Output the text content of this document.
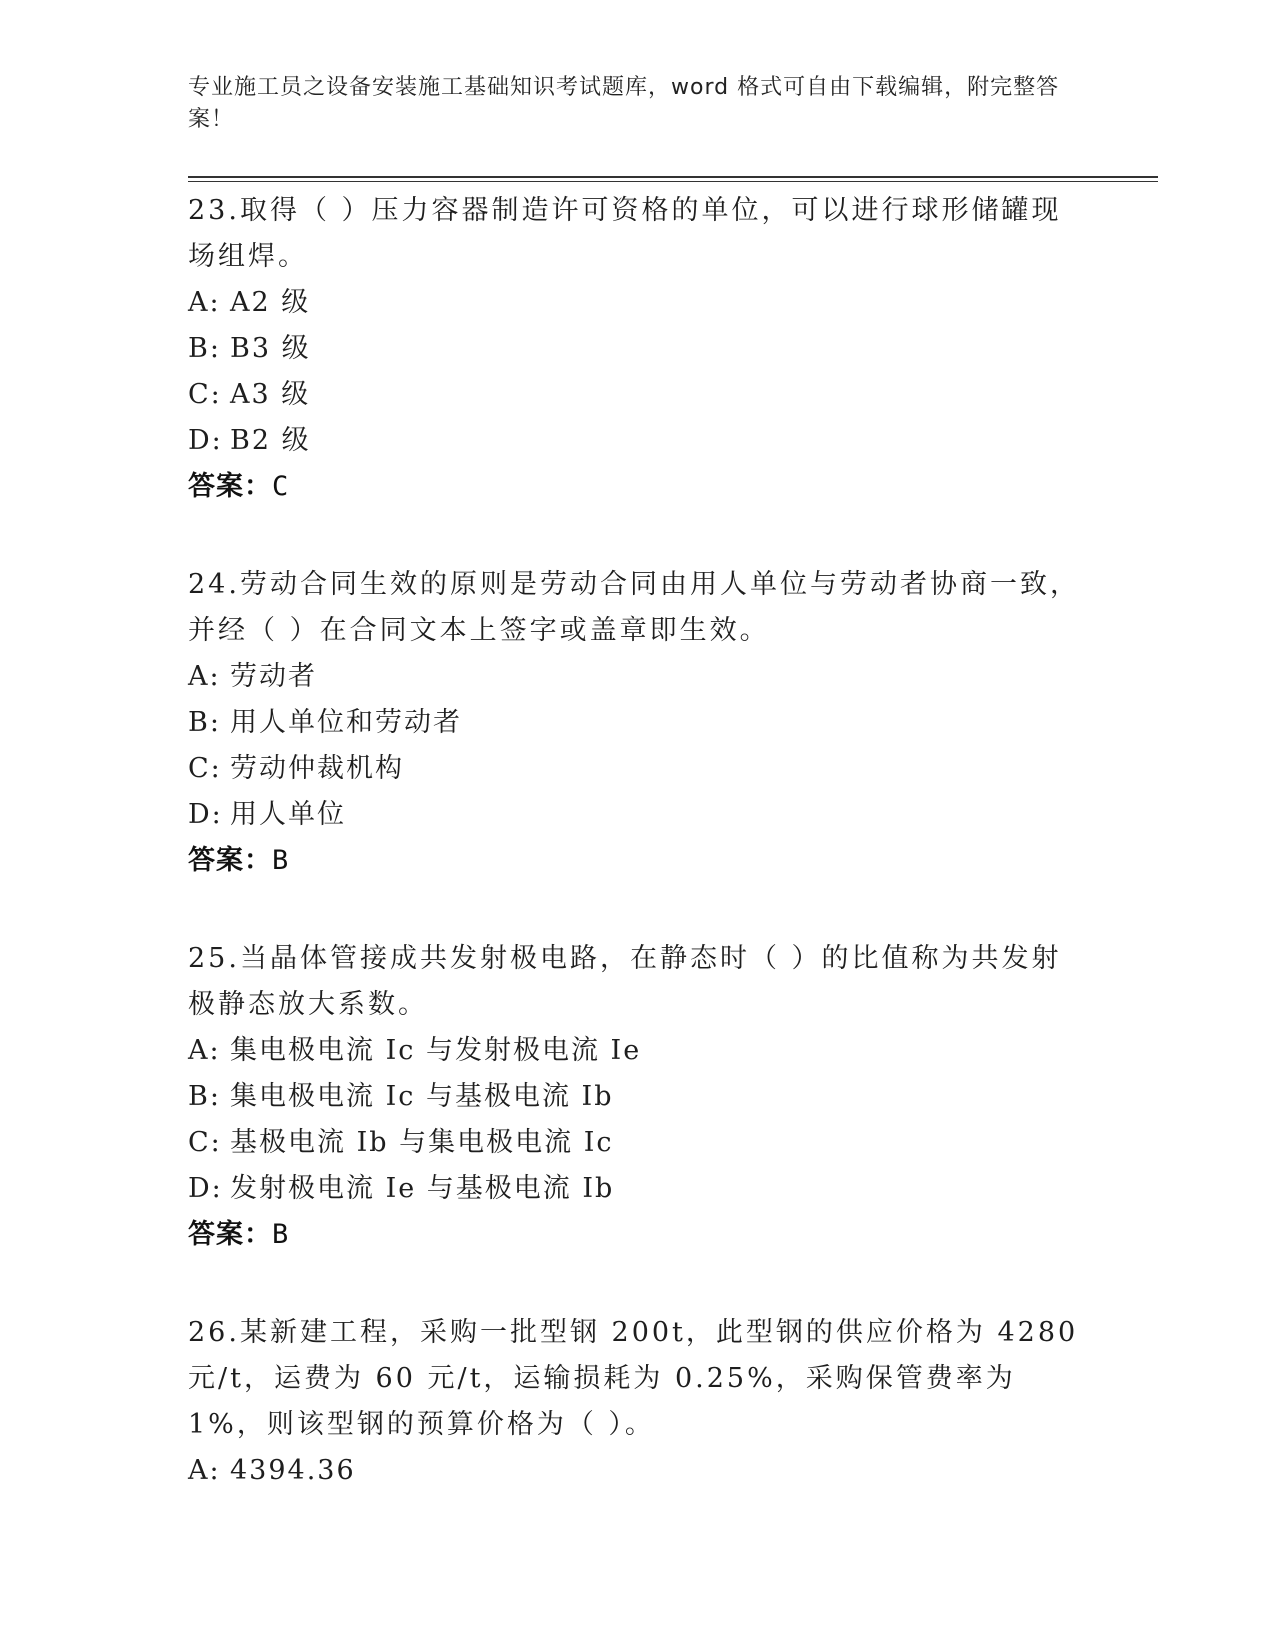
专业施工员之设备安装施工基础知识考试题库，word 格式可自由下载编辑，附完整答案！

23.取得（ ）压力容器制造许可资格的单位，可以进行球形储罐现场组焊。

A: A2 级
B: B3 级
C: A3 级
D: B2 级
答案：C

24.劳动合同生效的原则是劳动合同由用人单位与劳动者协商一致，并经（ ）在合同文本上签字或盖章即生效。

A: 劳动者
B: 用人单位和劳动者
C: 劳动仲裁机构
D: 用人单位
答案：B

25.当晶体管接成共发射极电路，在静态时（ ）的比值称为共发射极静态放大系数。

A: 集电极电流 Ic 与发射极电流 Ie
B: 集电极电流 Ic 与基极电流 Ib
C: 基极电流 Ib 与集电极电流 Ic
D: 发射极电流 Ie 与基极电流 Ib
答案：B

26.某新建工程，采购一批型钢 200t，此型钢的供应价格为 4280 元/t，运费为 60 元/t，运输损耗为 0.25%，采购保管费率为 1%，则该型钢的预算价格为（ ）。

A: 4394.36
